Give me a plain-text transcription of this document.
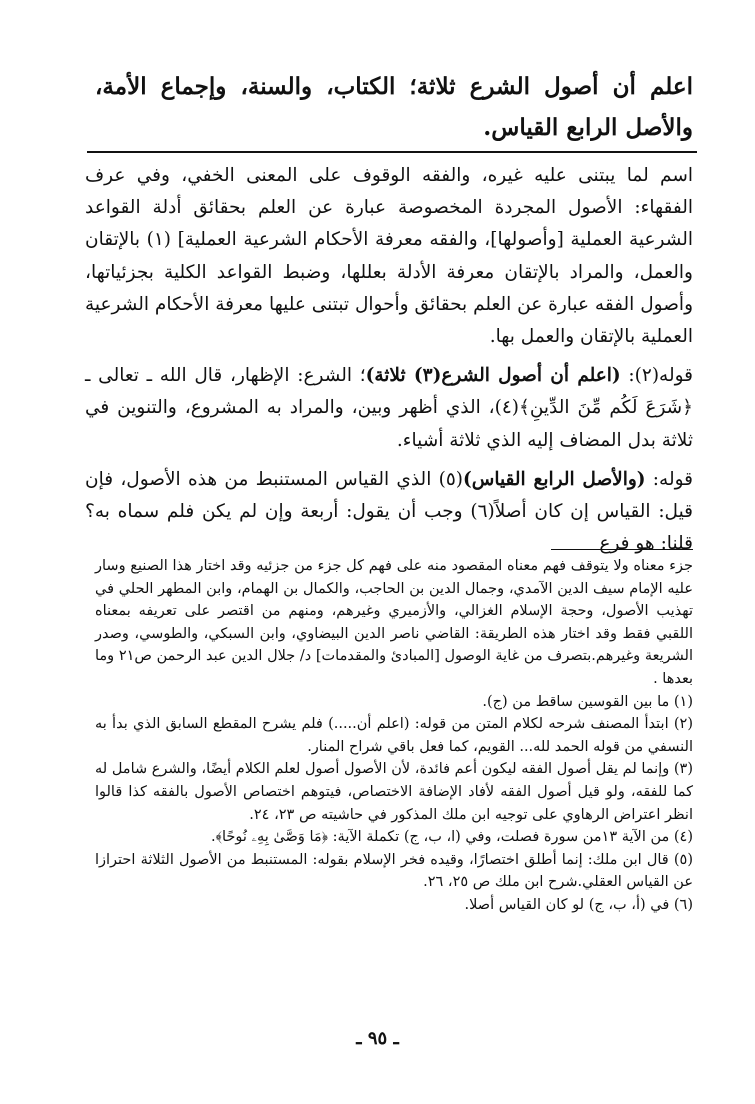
اعلم أن أصول الشرع ثلاثة؛ الكتاب، والسنة، وإجماع الأمة، والأصل الرابع القياس.

اسم لما يبتنى عليه غيره، والفقه الوقوف على المعنى الخفي، وفي عرف الفقهاء: الأصول المجردة المخصوصة عبارة عن العلم بحقائق أدلة القواعد الشرعية العملية [وأصولها]، والفقه معرفة الأحكام الشرعية العملية] (١) بالإتقان والعمل، والمراد بالإتقان معرفة الأدلة بعللها، وضبط القواعد الكلية بجزئياتها، وأصول الفقه عبارة عن العلم بحقائق وأحوال تبتنى عليها معرفة الأحكام الشرعية العملية بالإتقان والعمل بها.

قوله(٢): (اعلم أن أصول الشرع(٣) ثلاثة)؛ الشرع: الإظهار، قال الله ـ تعالى ـ ﴿شَرَعَ لَكُم مِّنَ الدِّينِ﴾(٤)، الذي أظهر وبين، والمراد به المشروع، والتنوين في ثلاثة بدل المضاف إليه الذي ثلاثة أشياء.

قوله: (والأصل الرابع القياس)(٥) الذي القياس المستنبط من هذه الأصول، فإن قيل: القياس إن كان أصلاً(٦) وجب أن يقول: أربعة وإن لم يكن فلم سماه به؟ قلنا: هو فرع

جزء معناه ولا يتوقف فهم معناه المقصود منه على فهم كل جزء من جزئيه وقد اختار هذا الصنيع وسار عليه الإمام سيف الدين الآمدي، وجمال الدين بن الحاجب، والكمال بن الهمام، وابن المطهر الحلي في تهذيب الأصول، وحجة الإسلام الغزالي، والأزميري وغيرهم، ومنهم من اقتصر على تعريفه بمعناه اللقبي فقط وقد اختار هذه الطريقة: القاضي ناصر الدين البيضاوي، وابن السبكي، والطوسي، وصدر الشريعة وغيرهم.بتصرف من غاية الوصول [المبادئ والمقدمات] د/ جلال الدين عبد الرحمن ص٢١ وما بعدها .

(١) ما بين القوسين ساقط من (ج).

(٢) ابتدأ المصنف شرحه لكلام المتن من قوله: (اعلم أن.....) فلم يشرح المقطع السابق الذي بدأ به النسفي من قوله الحمد لله... القويم، كما فعل باقي شراح المنار.

(٣) وإنما لم يقل أصول الفقه ليكون أعم فائدة، لأن الأصول أصول لعلم الكلام أيضًا، والشرع شامل له كما للفقه، ولو قيل أصول الفقه لأفاد الإضافة الاختصاص، فيتوهم اختصاص الأصول بالفقه كذا قالوا انظر اعتراض الرهاوي على توجيه ابن ملك المذكور في حاشيته ص ٢٣، ٢٤.

(٤) من الآية ١٣من سورة فصلت، وفي (ا، ب، ج) تكملة الآية: ﴿مَا وَصَّىٰ بِهِۦ نُوحًا﴾.

(٥) قال ابن ملك: إنما أطلق اختصارًا، وقيده فخر الإسلام بقوله: المستنبط من الأصول الثلاثة احترازا عن القياس العقلي.شرح ابن ملك ص ٢٥، ٢٦.

(٦) في (أ، ب، ج) لو كان القياس أصلا.

ـ ٩٥ ـ
